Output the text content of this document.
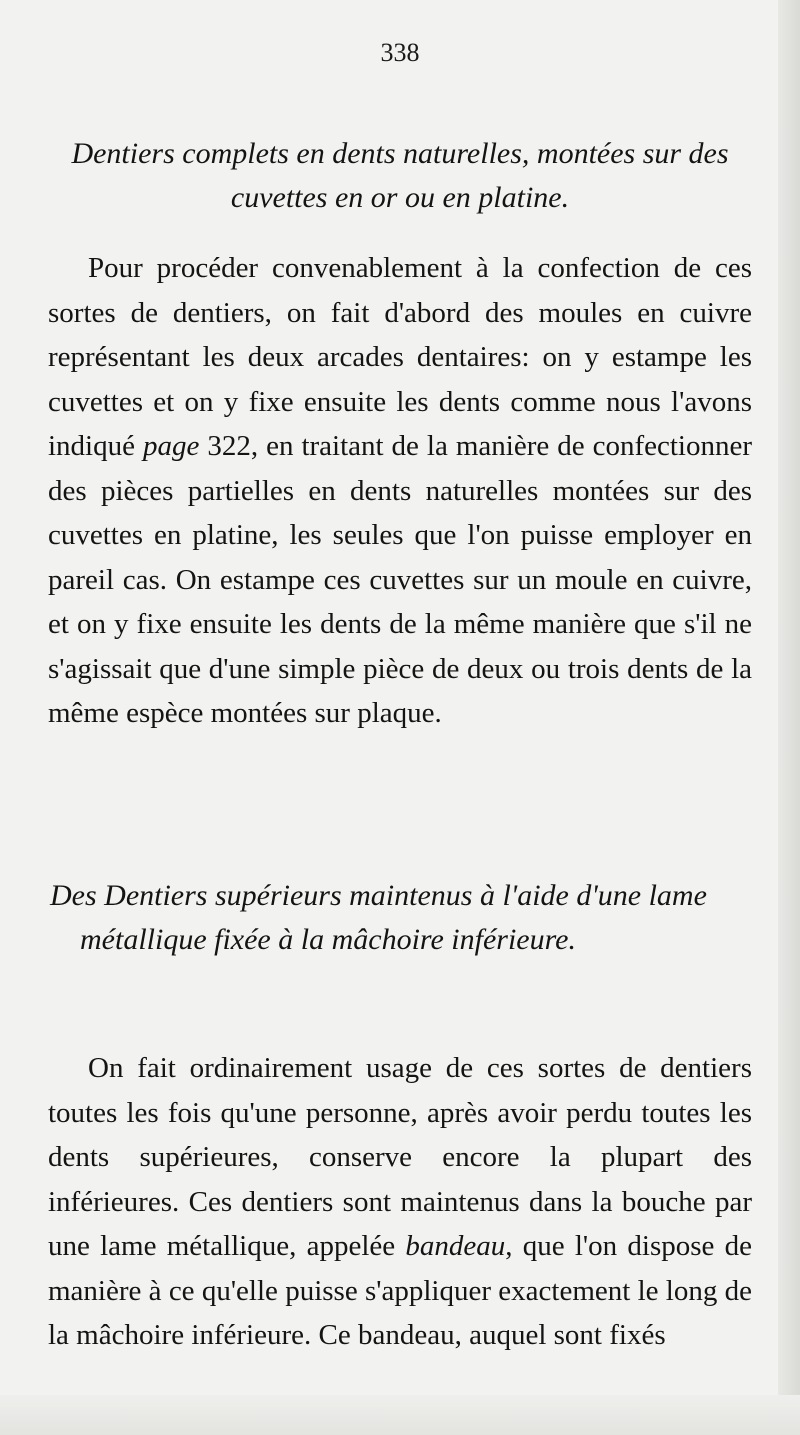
338
Dentiers complets en dents naturelles, montées sur des cuvettes en or ou en platine.

Pour procéder convenablement à la confection de ces sortes de dentiers, on fait d'abord des moules en cuivre représentant les deux arcades dentaires: on y estampe les cuvettes et on y fixe ensuite les dents comme nous l'avons indiqué page 322, en traitant de la manière de confectionner des pièces partielles en dents naturelles montées sur des cuvettes en platine, les seules que l'on puisse employer en pareil cas. On estampe ces cuvettes sur un moule en cuivre, et on y fixe ensuite les dents de la même manière que s'il ne s'agissait que d'une simple pièce de deux ou trois dents de la même espèce montées sur plaque.

Des Dentiers supérieurs maintenus à l'aide d'une lame métallique fixée à la mâchoire inférieure.

On fait ordinairement usage de ces sortes de dentiers toutes les fois qu'une personne, après avoir perdu toutes les dents supérieures, conserve encore la plupart des inférieures. Ces dentiers sont maintenus dans la bouche par une lame métallique, appelée bandeau, que l'on dispose de manière à ce qu'elle puisse s'appliquer exactement le long de la mâchoire inférieure. Ce bandeau, auquel sont fixés
